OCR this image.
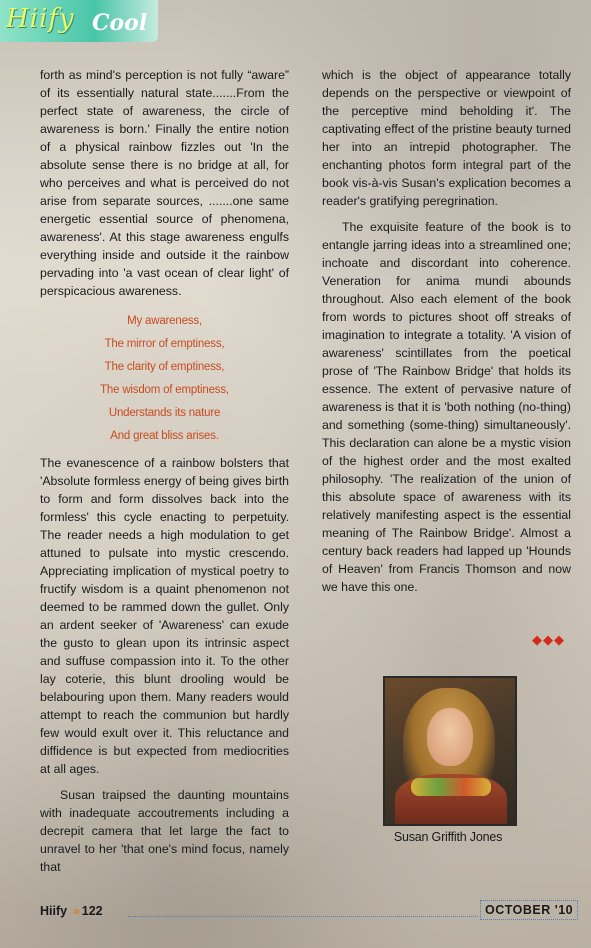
Hiify Cool

forth as mind's perception is not fully “aware” of its essentially natural state.......From the perfect state of awareness, the circle of awareness is born.' Finally the entire notion of a physical rainbow fizzles out 'In the absolute sense there is no bridge at all, for who perceives and what is perceived do not arise from separate sources, .......one same energetic essential source of phenomena, awareness'. At this stage awareness engulfs everything inside and outside it the rainbow pervading into 'a vast ocean of clear light' of perspicacious awareness.

My awareness,
The mirror of emptiness,
The clarity of emptiness,
The wisdom of emptiness,
Understands its nature
And great bliss arises.

The evanescence of a rainbow bolsters that 'Absolute formless energy of being gives birth to form and form dissolves back into the formless' this cycle enacting to perpetuity. The reader needs a high modulation to get attuned to pulsate into mystic crescendo. Appreciating implication of mystical poetry to fructify wisdom is a quaint phenomenon not deemed to be rammed down the gullet. Only an ardent seeker of 'Awareness' can exude the gusto to glean upon its intrinsic aspect and suffuse compassion into it. To the other lay coterie, this blunt drooling would be belabouring upon them. Many readers would attempt to reach the communion but hardly few would exult over it. This reluctance and diffidence is but expected from mediocrities at all ages.

Susan traipsed the daunting mountains with inadequate accoutrements including a decrepit camera that let large the fact to unravel to her 'that one's mind focus, namely that

which is the object of appearance totally depends on the perspective or viewpoint of the perceptive mind beholding it'. The captivating effect of the pristine beauty turned her into an intrepid photographer. The enchanting photos form integral part of the book vis-à-vis Susan's explication becomes a reader's gratifying peregrination.

The exquisite feature of the book is to entangle jarring ideas into a streamlined one; inchoate and discordant into coherence. Veneration for anima mundi abounds throughout. Also each element of the book from words to pictures shoot off streaks of imagination to integrate a totality. 'A vision of awareness' scintillates from the poetical prose of 'The Rainbow Bridge' that holds its essence. The extent of pervasive nature of awareness is that it is 'both nothing (no-thing) and something (some-thing) simultaneously'. This declaration can alone be a mystic vision of the highest order and the most exalted philosophy. 'The realization of the union of this absolute space of awareness with its relatively manifesting aspect is the essential meaning of The Rainbow Bridge'. Almost a century back readers had lapped up 'Hounds of Heaven' from Francis Thomson and now we have this one.

◆◆◆
Susan Griffith Jones
Hiify » 122	OCTOBER '10
